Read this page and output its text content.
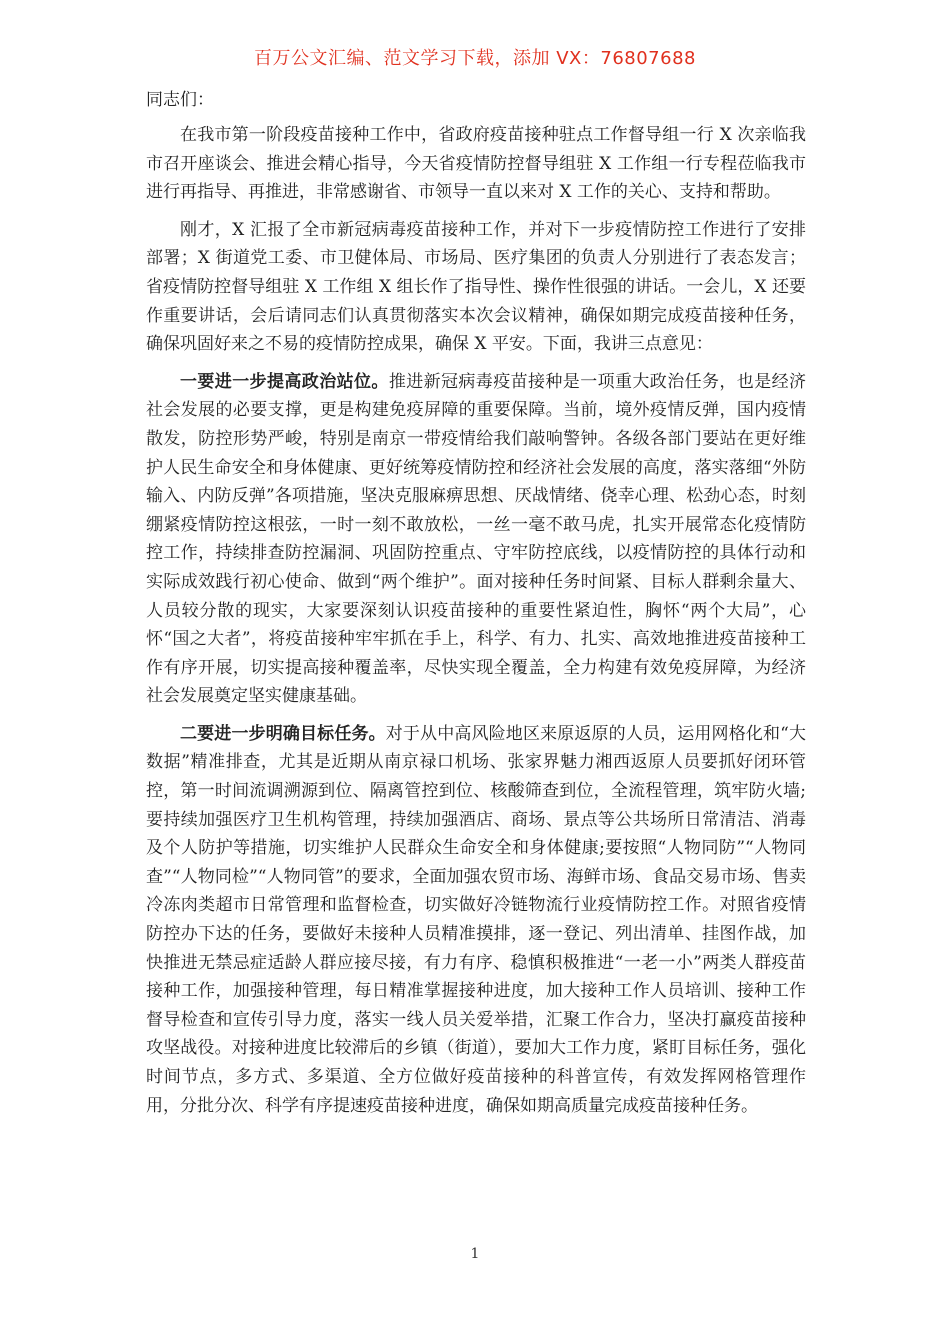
百万公文汇编、范文学习下载，添加 VX：76807688

同志们：

在我市第一阶段疫苗接种工作中，省政府疫苗接种驻点工作督导组一行 X 次亲临我市召开座谈会、推进会精心指导，今天省疫情防控督导组驻 X 工作组一行专程莅临我市进行再指导、再推进，非常感谢省、市领导一直以来对 X 工作的关心、支持和帮助。

刚才，X 汇报了全市新冠病毒疫苗接种工作，并对下一步疫情防控工作进行了安排部署；X 街道党工委、市卫健体局、市场局、医疗集团的负责人分别进行了表态发言；省疫情防控督导组驻 X 工作组 X 组长作了指导性、操作性很强的讲话。一会儿，X 还要作重要讲话，会后请同志们认真贯彻落实本次会议精神，确保如期完成疫苗接种任务，确保巩固好来之不易的疫情防控成果，确保 X 平安。下面，我讲三点意见：

一要进一步提高政治站位。推进新冠病毒疫苗接种是一项重大政治任务，也是经济社会发展的必要支撑，更是构建免疫屏障的重要保障。当前，境外疫情反弹，国内疫情散发，防控形势严峻，特别是南京一带疫情给我们敲响警钟。各级各部门要站在更好维护人民生命安全和身体健康、更好统筹疫情防控和经济社会发展的高度，落实落细“外防输入、内防反弹”各项措施，坚决克服麻痹思想、厌战情绪、侥幸心理、松劲心态，时刻绷紧疫情防控这根弦，一时一刻不敢放松，一丝一毫不敢马虎，扎实开展常态化疫情防控工作，持续排查防控漏洞、巩固防控重点、守牢防控底线，以疫情防控的具体行动和实际成效践行初心使命、做到“两个维护”。面对接种任务时间紧、目标人群剩余量大、人员较分散的现实，大家要深刻认识疫苗接种的重要性紧迫性，胸怀“两个大局”，心怀“国之大者”，将疫苗接种牢牢抓在手上，科学、有力、扎实、高效地推进疫苗接种工作有序开展，切实提高接种覆盖率，尽快实现全覆盖，全力构建有效免疫屏障，为经济社会发展奠定坚实健康基础。

二要进一步明确目标任务。对于从中高风险地区来原返原的人员，运用网格化和“大数据”精准排查，尤其是近期从南京禄口机场、张家界魅力湘西返原人员要抓好闭环管控，第一时间流调溯源到位、隔离管控到位、核酸筛查到位，全流程管理，筑牢防火墙;要持续加强医疗卫生机构管理，持续加强酒店、商场、景点等公共场所日常清洁、消毒及个人防护等措施，切实维护人民群众生命安全和身体健康;要按照“人物同防”“人物同查”“人物同检”“人物同管”的要求，全面加强农贸市场、海鲜市场、食品交易市场、售卖冷冻肉类超市日常管理和监督检查，切实做好冷链物流行业疫情防控工作。对照省疫情防控办下达的任务，要做好未接种人员精准摸排，逐一登记、列出清单、挂图作战，加快推进无禁忌症适龄人群应接尽接，有力有序、稳慎积极推进“一老一小”两类人群疫苗接种工作，加强接种管理，每日精准掌握接种进度，加大接种工作人员培训、接种工作督导检查和宣传引导力度，落实一线人员关爱举措，汇聚工作合力，坚决打赢疫苗接种攻坚战役。对接种进度比较滞后的乡镇（街道），要加大工作力度，紧盯目标任务，强化时间节点，多方式、多渠道、全方位做好疫苗接种的科普宣传，有效发挥网格管理作用，分批分次、科学有序提速疫苗接种进度，确保如期高质量完成疫苗接种任务。

1
